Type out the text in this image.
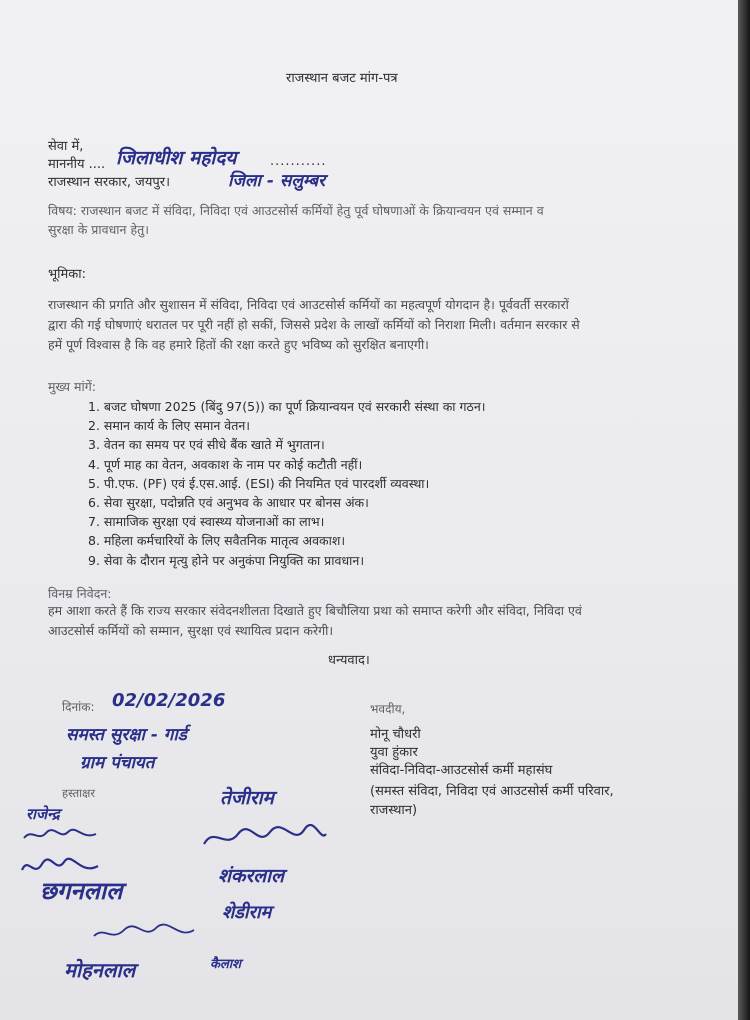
राजस्थान बजट मांग-पत्र
सेवा में,
माननीय .... जिलाधीश महोदय	...........
राजस्थान सरकार, जयपुर।	जिला - सलुम्बर
विषय: राजस्थान बजट में संविदा, निविदा एवं आउटसोर्स कर्मियों हेतु पूर्व घोषणाओं के क्रियान्वयन एवं सम्मान व
सुरक्षा के प्रावधान हेतु।
भूमिका:
राजस्थान की प्रगति और सुशासन में संविदा, निविदा एवं आउटसोर्स कर्मियों का महत्वपूर्ण योगदान है। पूर्ववर्ती सरकारों
द्वारा की गई घोषणाएं धरातल पर पूरी नहीं हो सकीं, जिससे प्रदेश के लाखों कर्मियों को निराशा मिली। वर्तमान सरकार से
हमें पूर्ण विश्वास है कि वह हमारे हितों की रक्षा करते हुए भविष्य को सुरक्षित बनाएगी।
मुख्य मांगें:
1. बजट घोषणा 2025 (बिंदु 97(5)) का पूर्ण क्रियान्वयन एवं सरकारी संस्था का गठन।
2. समान कार्य के लिए समान वेतन।
3. वेतन का समय पर एवं सीधे बैंक खाते में भुगतान।
4. पूर्ण माह का वेतन, अवकाश के नाम पर कोई कटौती नहीं।
5. पी.एफ. (PF) एवं ई.एस.आई. (ESI) की नियमित एवं पारदर्शी व्यवस्था।
6. सेवा सुरक्षा, पदोन्नति एवं अनुभव के आधार पर बोनस अंक।
7. सामाजिक सुरक्षा एवं स्वास्थ्य योजनाओं का लाभ।
8. महिला कर्मचारियों के लिए सवैतनिक मातृत्व अवकाश।
9. सेवा के दौरान मृत्यु होने पर अनुकंपा नियुक्ति का प्रावधान।
विनम्र निवेदन:
हम आशा करते हैं कि राज्य सरकार संवेदनशीलता दिखाते हुए बिचौलिया प्रथा को समाप्त करेगी और संविदा, निविदा एवं
आउटसोर्स कर्मियों को सम्मान, सुरक्षा एवं स्थायित्व प्रदान करेगी।
धन्यवाद।
दिनांक: 02/02/2026
समस्त सुरक्षा - गार्ड
ग्राम पंचायत
हस्ताक्षर
भवदीय,
मोनू चौधरी
युवा हुंकार
संविदा-निविदा-आउटसोर्स कर्मी महासंघ
(समस्त संविदा, निविदा एवं आउटसोर्स कर्मी परिवार,
राजस्थान)
राजेन्द्र
तेजीराम
शंकरलाल
छगनलाल
शेडीराम
मोहनलाल	कैलाश
